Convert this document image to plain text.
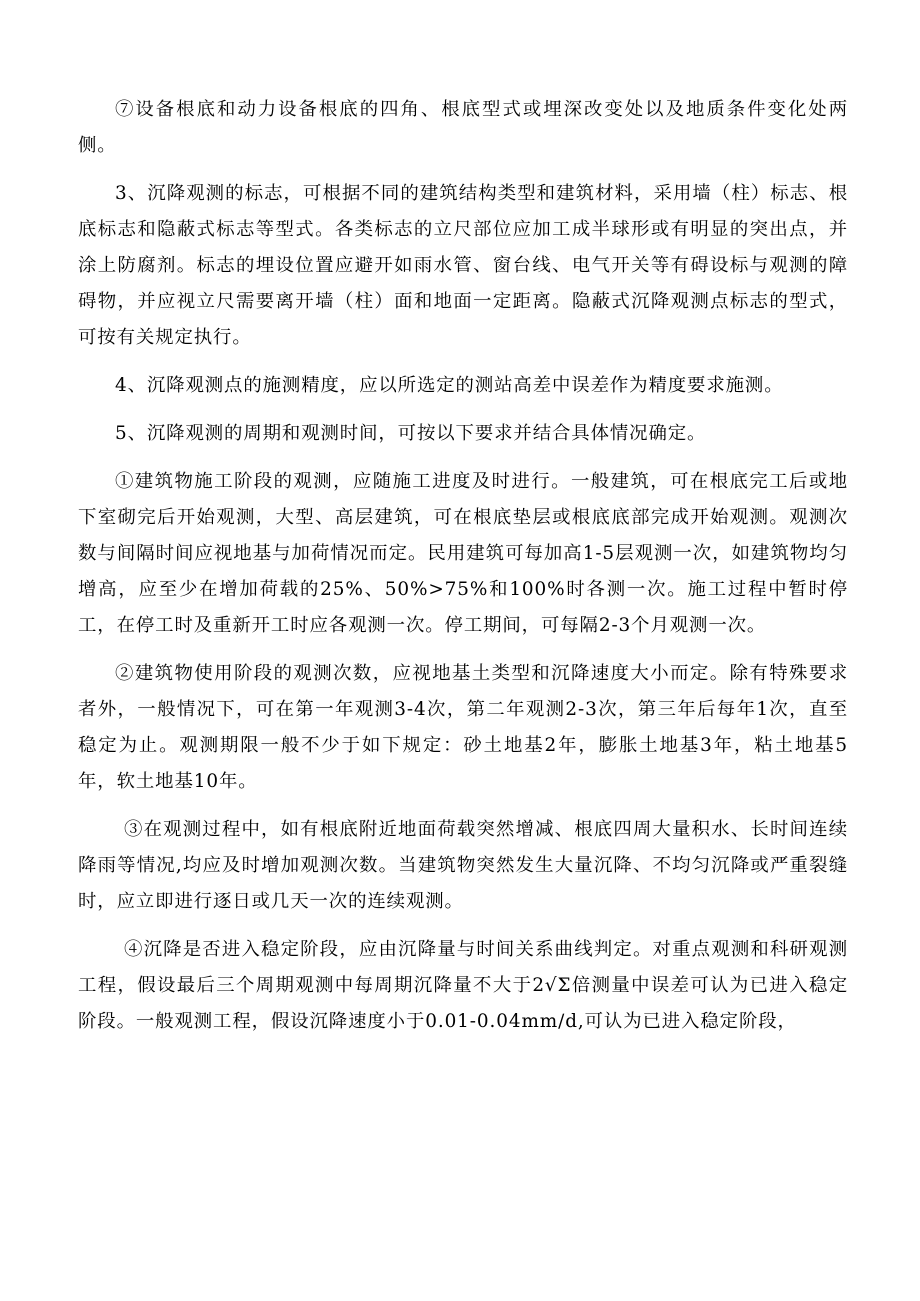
⑦设备根底和动力设备根底的四角、根底型式或埋深改变处以及地质条件变化处两侧。

3、沉降观测的标志，可根据不同的建筑结构类型和建筑材料，采用墙（柱）标志、根底标志和隐蔽式标志等型式。各类标志的立尺部位应加工成半球形或有明显的突出点，并涂上防腐剂。标志的埋设位置应避开如雨水管、窗台线、电气开关等有碍设标与观测的障碍物，并应视立尺需要离开墙（柱）面和地面一定距离。隐蔽式沉降观测点标志的型式，可按有关规定执行。

4、沉降观测点的施测精度，应以所选定的测站高差中误差作为精度要求施测。

5、沉降观测的周期和观测时间，可按以下要求并结合具体情况确定。

①建筑物施工阶段的观测，应随施工进度及时进行。一般建筑，可在根底完工后或地下室砌完后开始观测，大型、高层建筑，可在根底垫层或根底底部完成开始观测。观测次数与间隔时间应视地基与加荷情况而定。民用建筑可每加高1-5层观测一次，如建筑物均匀增高，应至少在增加荷载的25%、50%>75%和100%时各测一次。施工过程中暂时停工，在停工时及重新开工时应各观测一次。停工期间，可每隔2-3个月观测一次。

②建筑物使用阶段的观测次数，应视地基土类型和沉降速度大小而定。除有特殊要求者外，一般情况下，可在第一年观测3-4次，第二年观测2-3次，第三年后每年1次，直至稳定为止。观测期限一般不少于如下规定：砂土地基2年，膨胀土地基3年，粘土地基5年，软土地基10年。

③在观测过程中，如有根底附近地面荷载突然增减、根底四周大量积水、长时间连续降雨等情况,均应及时增加观测次数。当建筑物突然发生大量沉降、不均匀沉降或严重裂缝时，应立即进行逐日或几天一次的连续观测。

④沉降是否进入稳定阶段，应由沉降量与时间关系曲线判定。对重点观测和科研观测工程，假设最后三个周期观测中每周期沉降量不大于2√Σ倍测量中误差可认为已进入稳定阶段。一般观测工程，假设沉降速度小于0.01-0.04mm∕d,可认为已进入稳定阶段，
